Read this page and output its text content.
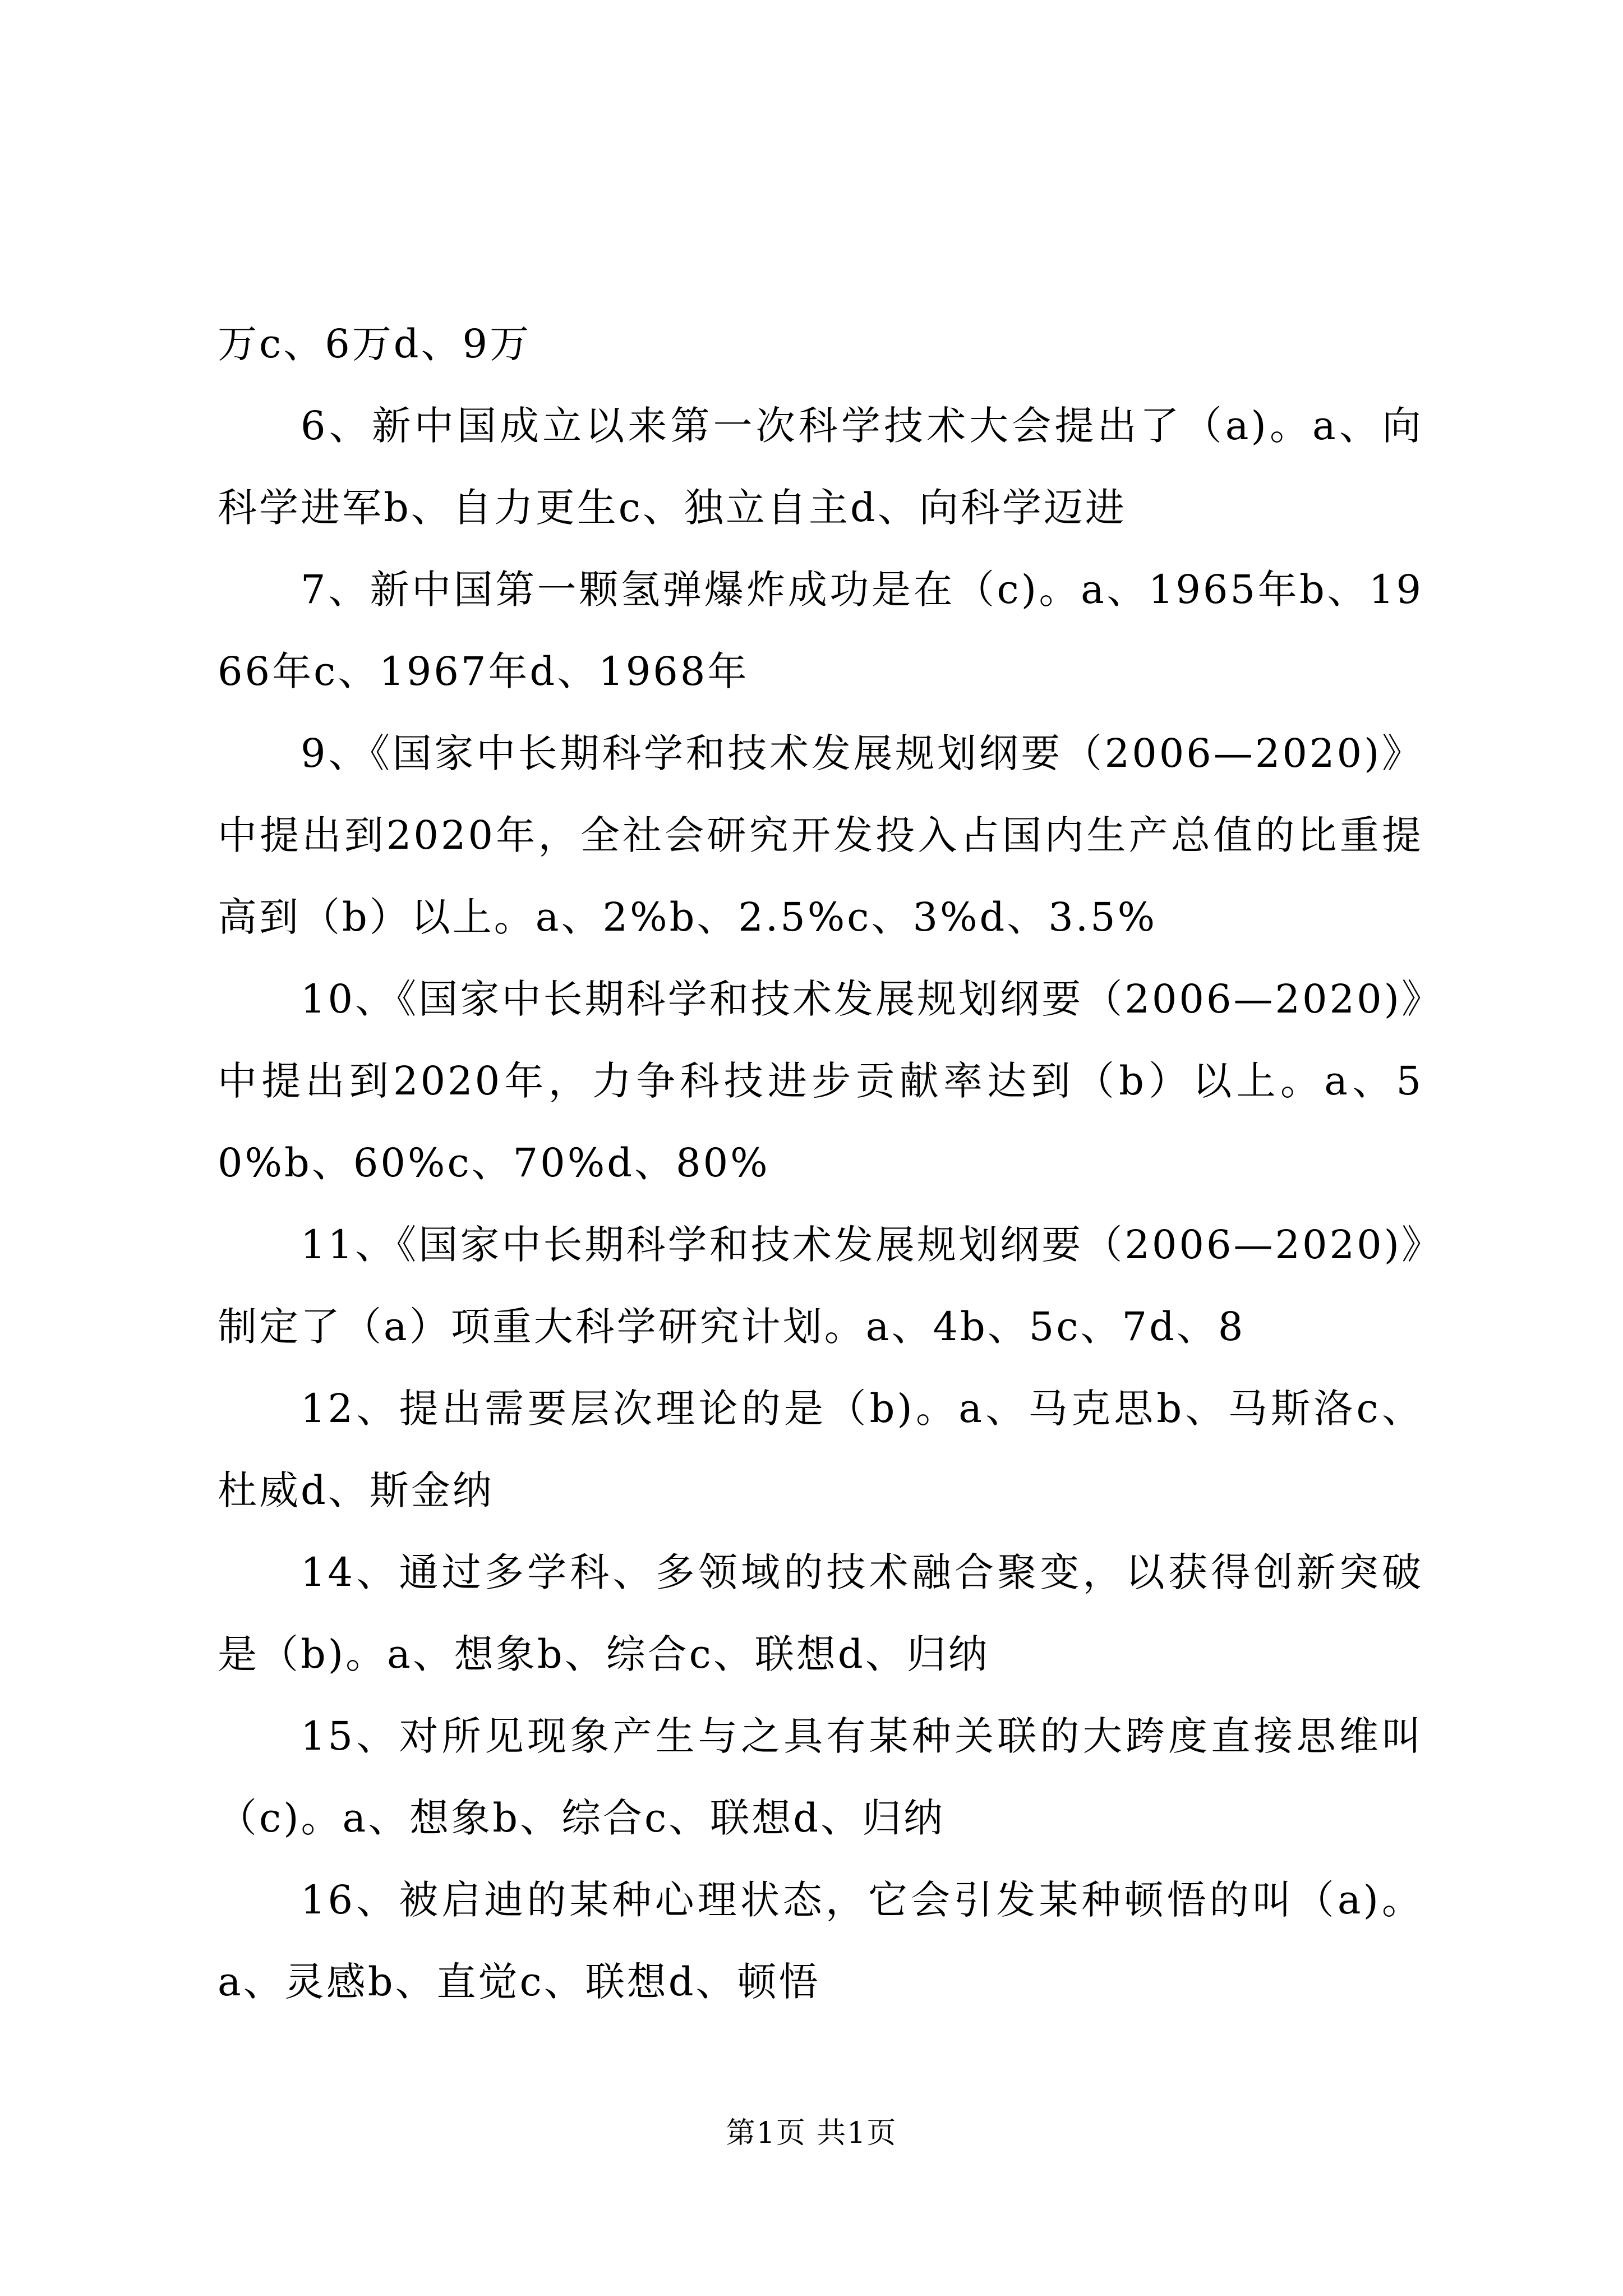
万c、6万d、9万

6、新中国成立以来第一次科学技术大会提出了（a)。a、向科学进军b、自力更生c、独立自主d、向科学迈进

7、新中国第一颗氢弹爆炸成功是在（c)。a、1965年b、1966年c、1967年d、1968年

9、《国家中长期科学和技术发展规划纲要（2006—2020)》中提出到2020年，全社会研究开发投入占国内生产总值的比重提高到（b）以上。a、2%b、2.5%c、3%d、3.5%

10、《国家中长期科学和技术发展规划纲要（2006—2020)》中提出到2020年，力争科技进步贡献率达到（b）以上。a、50%b、60%c、70%d、80%

11、《国家中长期科学和技术发展规划纲要（2006—2020)》制定了（a）项重大科学研究计划。a、4b、5c、7d、8

12、提出需要层次理论的是（b)。a、马克思b、马斯洛c、杜威d、斯金纳

14、通过多学科、多领域的技术融合聚变，以获得创新突破是（b)。a、想象b、综合c、联想d、归纳

15、对所见现象产生与之具有某种关联的大跨度直接思维叫（c)。a、想象b、综合c、联想d、归纳

16、被启迪的某种心理状态，它会引发某种顿悟的叫（a)。a、灵感b、直觉c、联想d、顿悟

第1页 共1页
